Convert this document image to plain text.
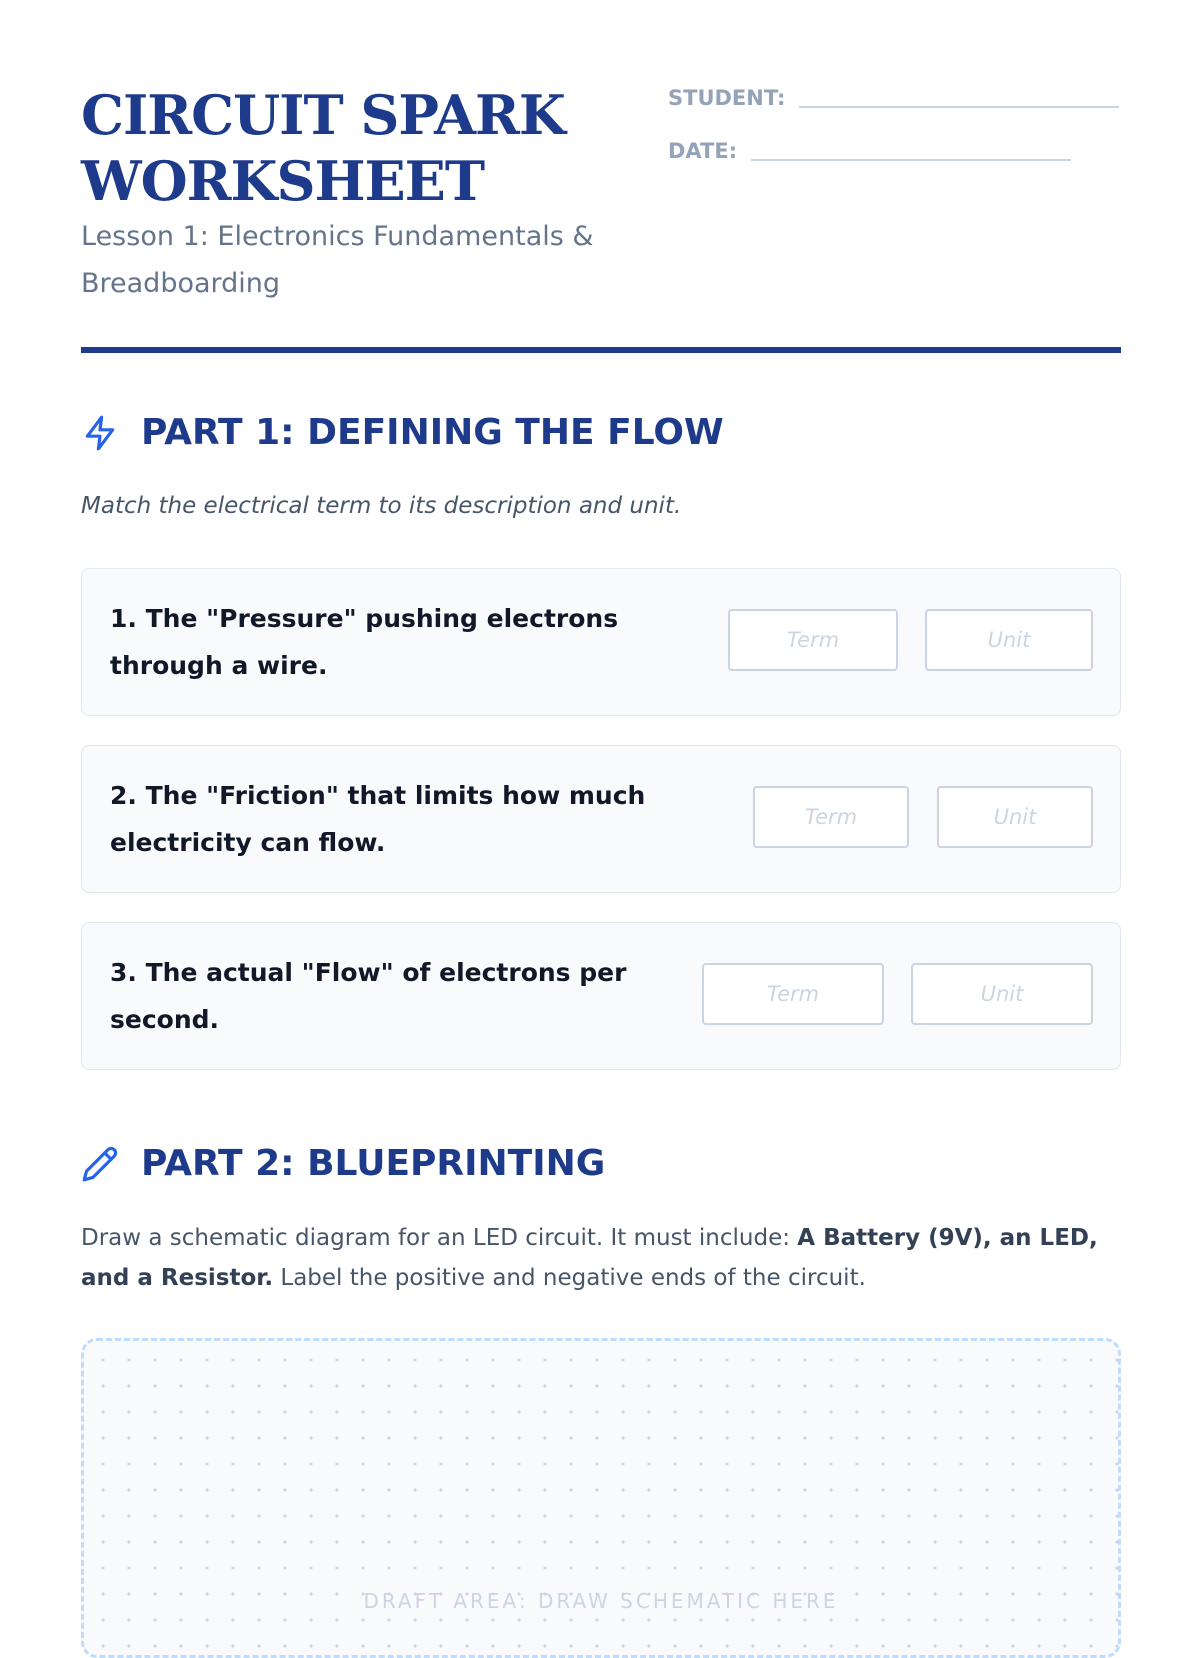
CIRCUIT SPARK WORKSHEET
Lesson 1: Electronics Fundamentals & Breadboarding
STUDENT:
DATE:
PART 1: DEFINING THE FLOW
Match the electrical term to its description and unit.
1. The "Pressure" pushing electrons through a wire.
Term
Unit
2. The "Friction" that limits how much electricity can flow.
Term
Unit
3. The actual "Flow" of electrons per second.
Term
Unit
PART 2: BLUEPRINTING
Draw a schematic diagram for an LED circuit. It must include: A Battery (9V), an LED, and a Resistor. Label the positive and negative ends of the circuit.
DRAFT AREA: DRAW SCHEMATIC HERE
